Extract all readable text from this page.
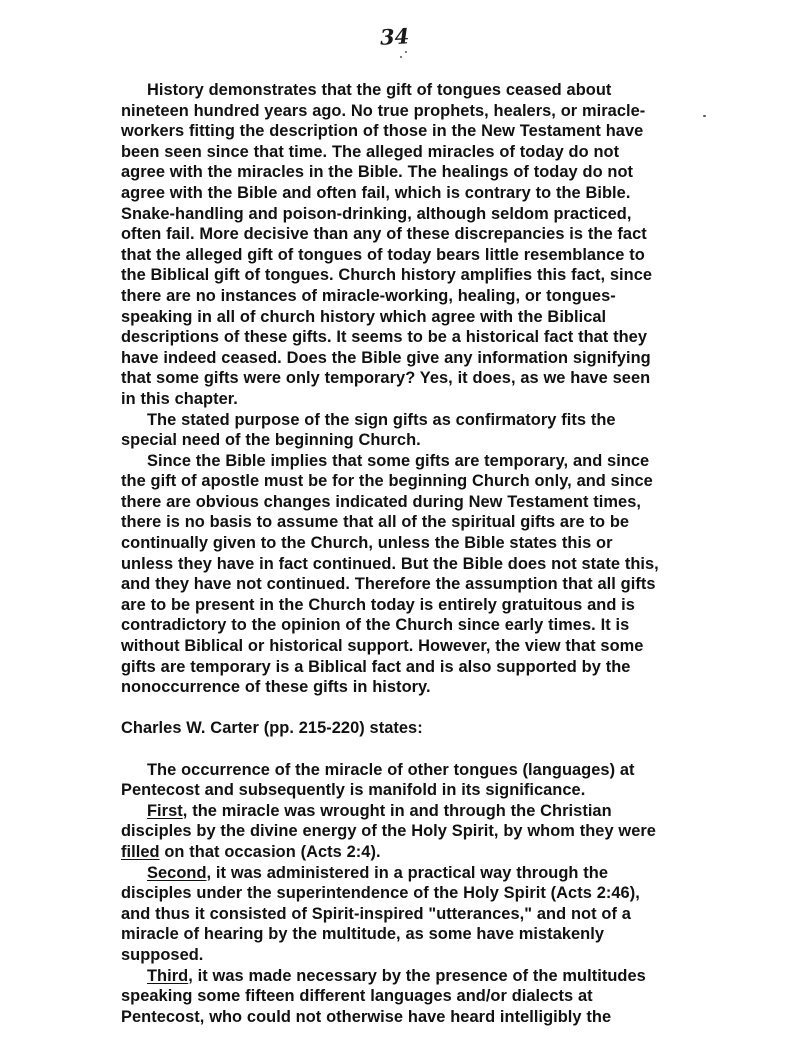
34

History demonstrates that the gift of tongues ceased about nineteen hundred years ago. No true prophets, healers, or miracle-workers fitting the description of those in the New Testament have been seen since that time. The alleged miracles of today do not agree with the miracles in the Bible. The healings of today do not agree with the Bible and often fail, which is contrary to the Bible. Snake-handling and poison-drinking, although seldom practiced, often fail. More decisive than any of these discrepancies is the fact that the alleged gift of tongues of today bears little resemblance to the Biblical gift of tongues. Church history amplifies this fact, since there are no instances of miracle-working, healing, or tongues-speaking in all of church history which agree with the Biblical descriptions of these gifts. It seems to be a historical fact that they have indeed ceased. Does the Bible give any information signifying that some gifts were only temporary? Yes, it does, as we have seen in this chapter.

The stated purpose of the sign gifts as confirmatory fits the special need of the beginning Church.

Since the Bible implies that some gifts are temporary, and since the gift of apostle must be for the beginning Church only, and since there are obvious changes indicated during New Testament times, there is no basis to assume that all of the spiritual gifts are to be continually given to the Church, unless the Bible states this or unless they have in fact continued. But the Bible does not state this, and they have not continued. Therefore the assumption that all gifts are to be present in the Church today is entirely gratuitous and is contradictory to the opinion of the Church since early times. It is without Biblical or historical support. However, the view that some gifts are temporary is a Biblical fact and is also supported by the nonoccurrence of these gifts in history.

Charles W. Carter (pp. 215-220) states:

The occurrence of the miracle of other tongues (languages) at Pentecost and subsequently is manifold in its significance.

First, the miracle was wrought in and through the Christian disciples by the divine energy of the Holy Spirit, by whom they were filled on that occasion (Acts 2:4).

Second, it was administered in a practical way through the disciples under the superintendence of the Holy Spirit (Acts 2:46), and thus it consisted of Spirit-inspired "utterances," and not of a miracle of hearing by the multitude, as some have mistakenly supposed.

Third, it was made necessary by the presence of the multitudes speaking some fifteen different languages and/or dialects at Pentecost, who could not otherwise have heard intelligibly the
